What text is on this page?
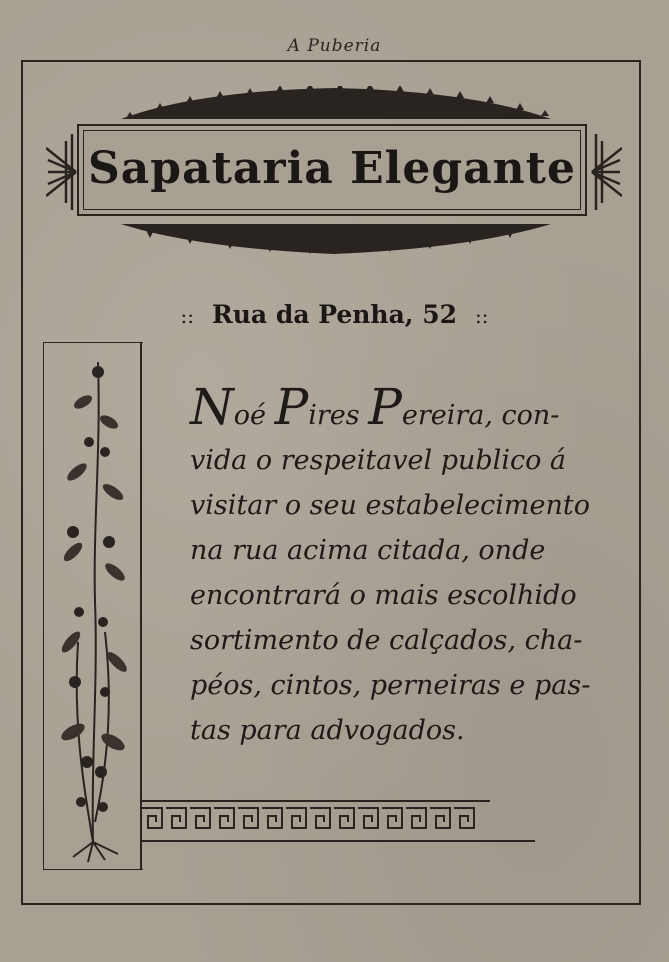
A Puberia
Sapataria Elegante
:: Rua da Penha, 52 ::
Noé Pires Pereira, con-
vida o respeitavel publico á
visitar o seu estabelecimento
na rua acima citada, onde
encontrará o mais escolhido
sortimento de calçados, cha-
péos, cintos, perneiras e pas-
tas para advogados.
